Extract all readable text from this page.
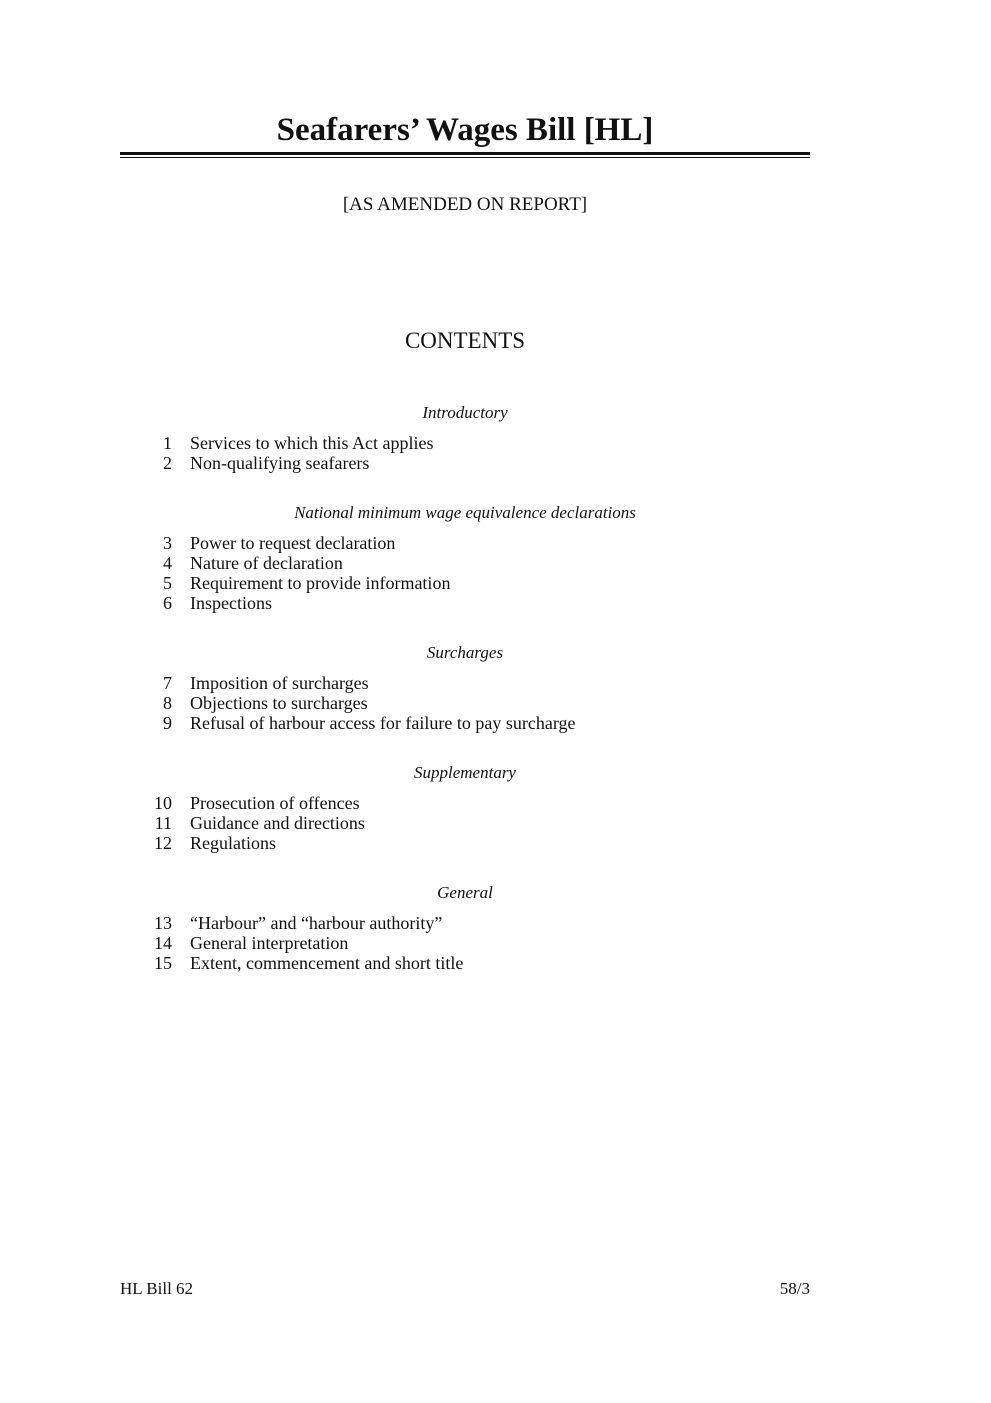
Seafarers’ Wages Bill [HL]
[AS AMENDED ON REPORT]
CONTENTS
Introductory
1 Services to which this Act applies
2 Non-qualifying seafarers
National minimum wage equivalence declarations
3 Power to request declaration
4 Nature of declaration
5 Requirement to provide information
6 Inspections
Surcharges
7 Imposition of surcharges
8 Objections to surcharges
9 Refusal of harbour access for failure to pay surcharge
Supplementary
10 Prosecution of offences
11 Guidance and directions
12 Regulations
General
13 “Harbour” and “harbour authority”
14 General interpretation
15 Extent, commencement and short title
HL Bill 62	58/3
